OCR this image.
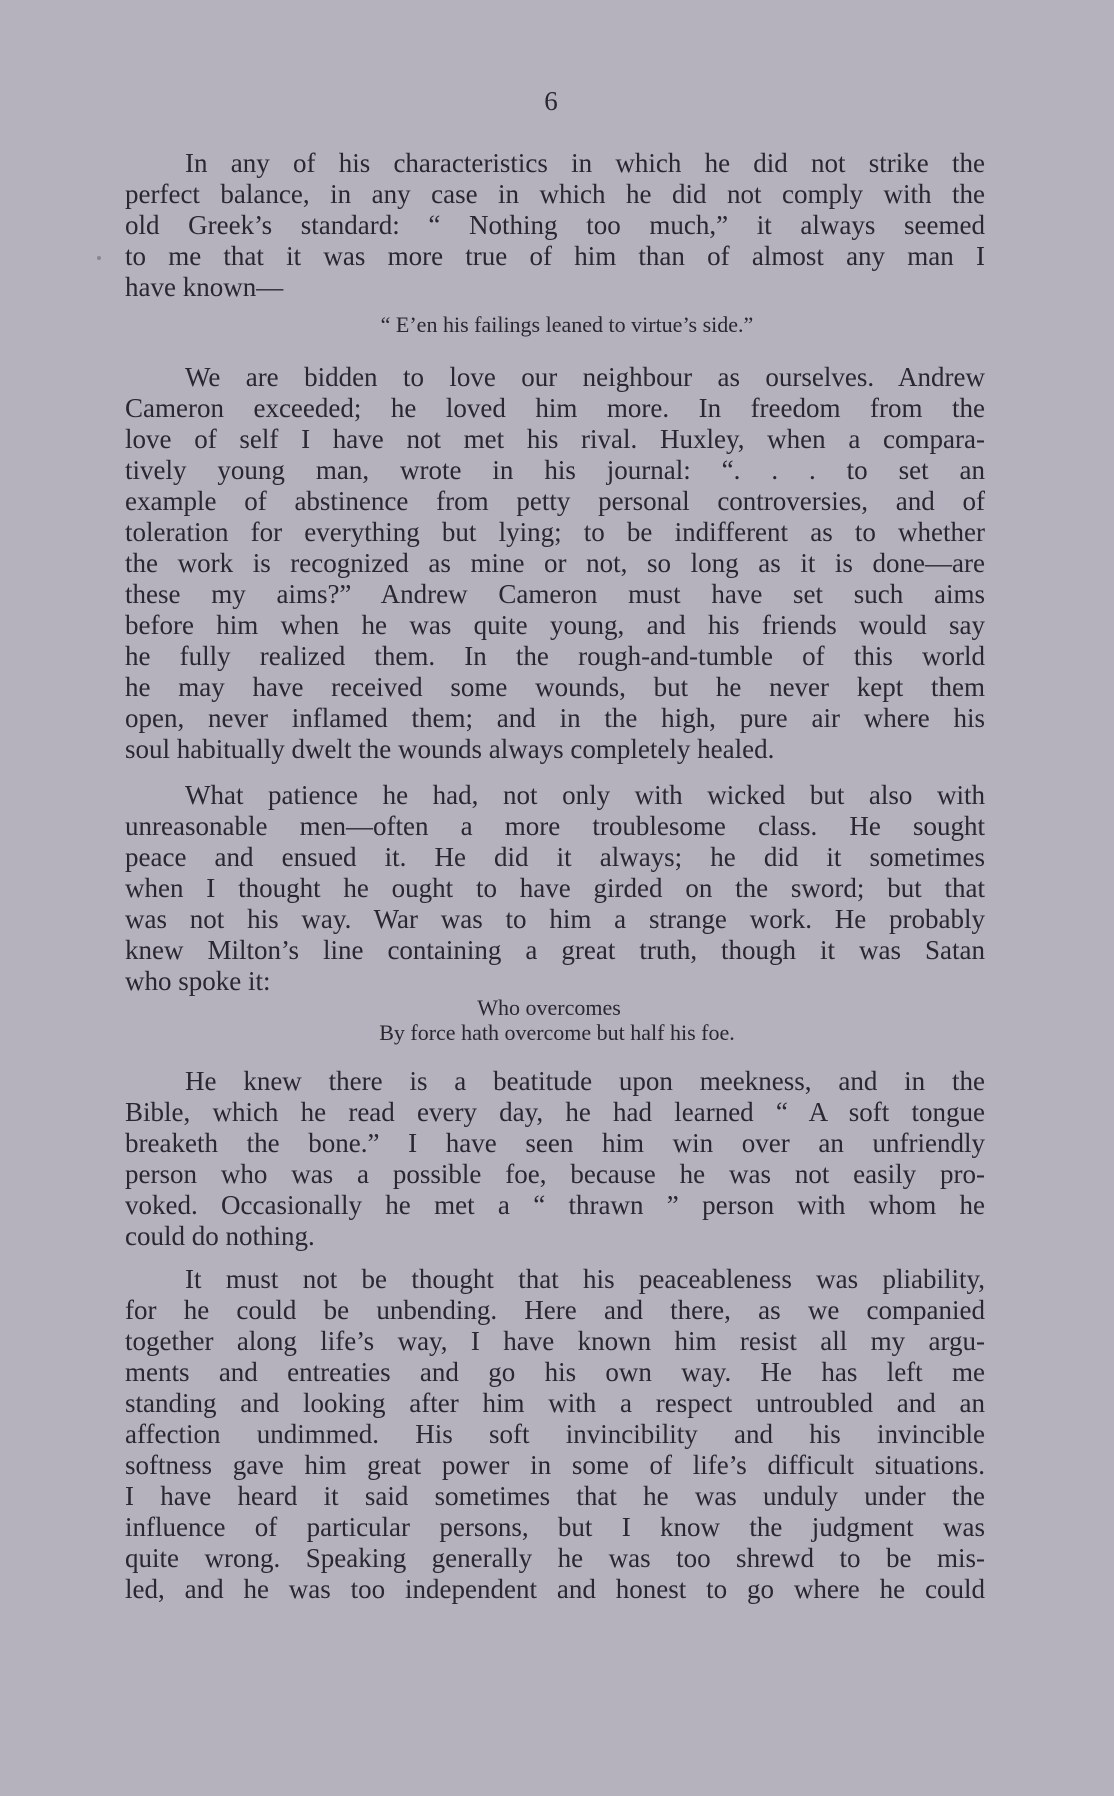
6
In any of his characteristics in which he did not strike the
perfect balance, in any case in which he did not comply with the
old Greek’s standard: “ Nothing too much,” it always seemed
to me that it was more true of him than of almost any man I
have known—
“ E’en his failings leaned to virtue’s side.”
We are bidden to love our neighbour as ourselves. Andrew
Cameron exceeded; he loved him more. In freedom from the
love of self I have not met his rival. Huxley, when a compara-
tively young man, wrote in his journal: “. . . to set an
example of abstinence from petty personal controversies, and of
toleration for everything but lying; to be indifferent as to whether
the work is recognized as mine or not, so long as it is done—are
these my aims?” Andrew Cameron must have set such aims
before him when he was quite young, and his friends would say
he fully realized them. In the rough-and-tumble of this world
he may have received some wounds, but he never kept them
open, never inflamed them; and in the high, pure air where his
soul habitually dwelt the wounds always completely healed.
What patience he had, not only with wicked but also with
unreasonable men—often a more troublesome class. He sought
peace and ensued it. He did it always; he did it sometimes
when I thought he ought to have girded on the sword; but that
was not his way. War was to him a strange work. He probably
knew Milton’s line containing a great truth, though it was Satan
who spoke it:
Who overcomes
By force hath overcome but half his foe.
He knew there is a beatitude upon meekness, and in the
Bible, which he read every day, he had learned “ A soft tongue
breaketh the bone.” I have seen him win over an unfriendly
person who was a possible foe, because he was not easily pro-
voked. Occasionally he met a “ thrawn ” person with whom he
could do nothing.
It must not be thought that his peaceableness was pliability,
for he could be unbending. Here and there, as we companied
together along life’s way, I have known him resist all my argu-
ments and entreaties and go his own way. He has left me
standing and looking after him with a respect untroubled and an
affection undimmed. His soft invincibility and his invincible
softness gave him great power in some of life’s difficult situations.
I have heard it said sometimes that he was unduly under the
influence of particular persons, but I know the judgment was
quite wrong. Speaking generally he was too shrewd to be mis-
led, and he was too independent and honest to go where he could
